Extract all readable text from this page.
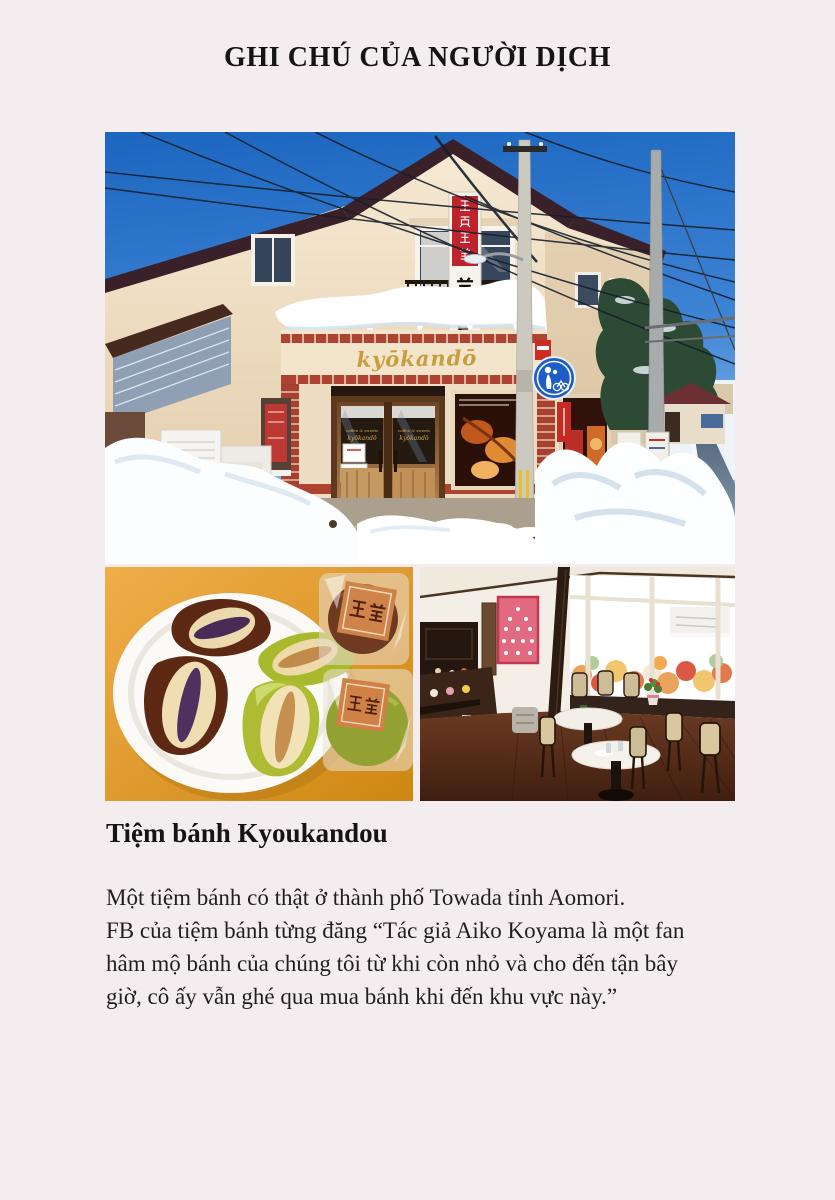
GHI CHÚ CỦA NGƯỜI DỊCH
kyōkandō
coffee & sweets
kyōkandō
coffee & sweets
kyōkandō
Tiệm bánh Kyoukandou

Một tiệm bánh có thật ở thành phố Towada tỉnh Aomori.
FB của tiệm bánh từng đăng “Tác giả Aiko Koyama là một fan
hâm mộ bánh của chúng tôi từ khi còn nhỏ và cho đến tận bây
giờ, cô ấy vẫn ghé qua mua bánh khi đến khu vực này.”
